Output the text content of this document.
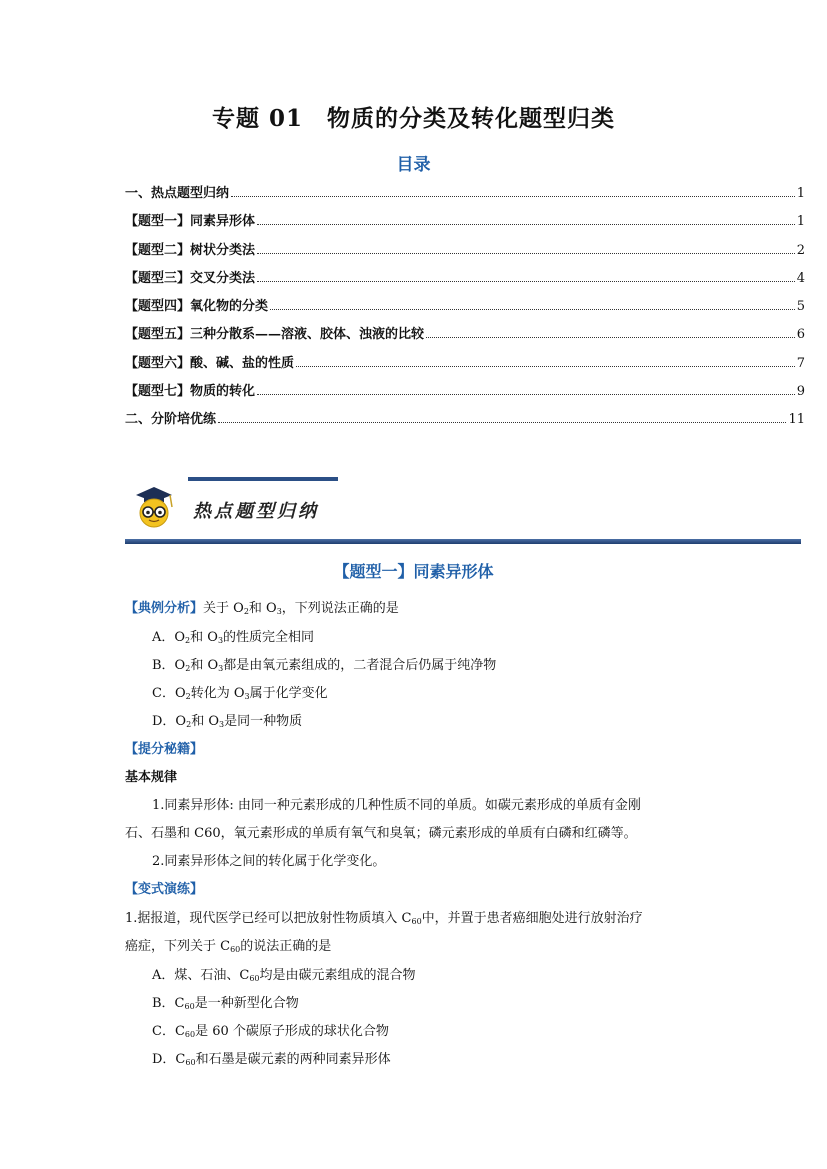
专题 01　物质的分类及转化题型归类
目录
一、热点题型归纳	1
【题型一】同素异形体	1
【题型二】树状分类法	2
【题型三】交叉分类法	4
【题型四】氧化物的分类	5
【题型五】三种分散系——溶液、胶体、浊液的比较	6
【题型六】酸、碱、盐的性质	7
【题型七】物质的转化	9
二、分阶培优练	11
热点题型归纳
【题型一】同素异形体
【典例分析】关于 $O_2$和 $O_3$，下列说法正确的是
A．$O_2$和 $O_3$的性质完全相同
B．$O_2$和 $O_3$都是由氧元素组成的，二者混合后仍属于纯净物
C．$O_2$转化为 $O_3$属于化学变化
D．$O_2$和 $O_3$是同一种物质
【提分秘籍】
基本规律
1.同素异形体: 由同一种元素形成的几种性质不同的单质。如碳元素形成的单质有金刚
石、石墨和 C60，氧元素形成的单质有氧气和臭氧；磷元素形成的单质有白磷和红磷等。
2.同素异形体之间的转化属于化学变化。
【变式演练】
1.据报道，现代医学已经可以把放射性物质填入 $C_{60}$中，并置于患者癌细胞处进行放射治疗
癌症，下列关于 $C_{60}$的说法正确的是
A．煤、石油、$C_{60}$均是由碳元素组成的混合物
B．$C_{60}$是一种新型化合物
C．$C_{60}$是 60 个碳原子形成的球状化合物
D．$C_{60}$和石墨是碳元素的两种同素异形体
